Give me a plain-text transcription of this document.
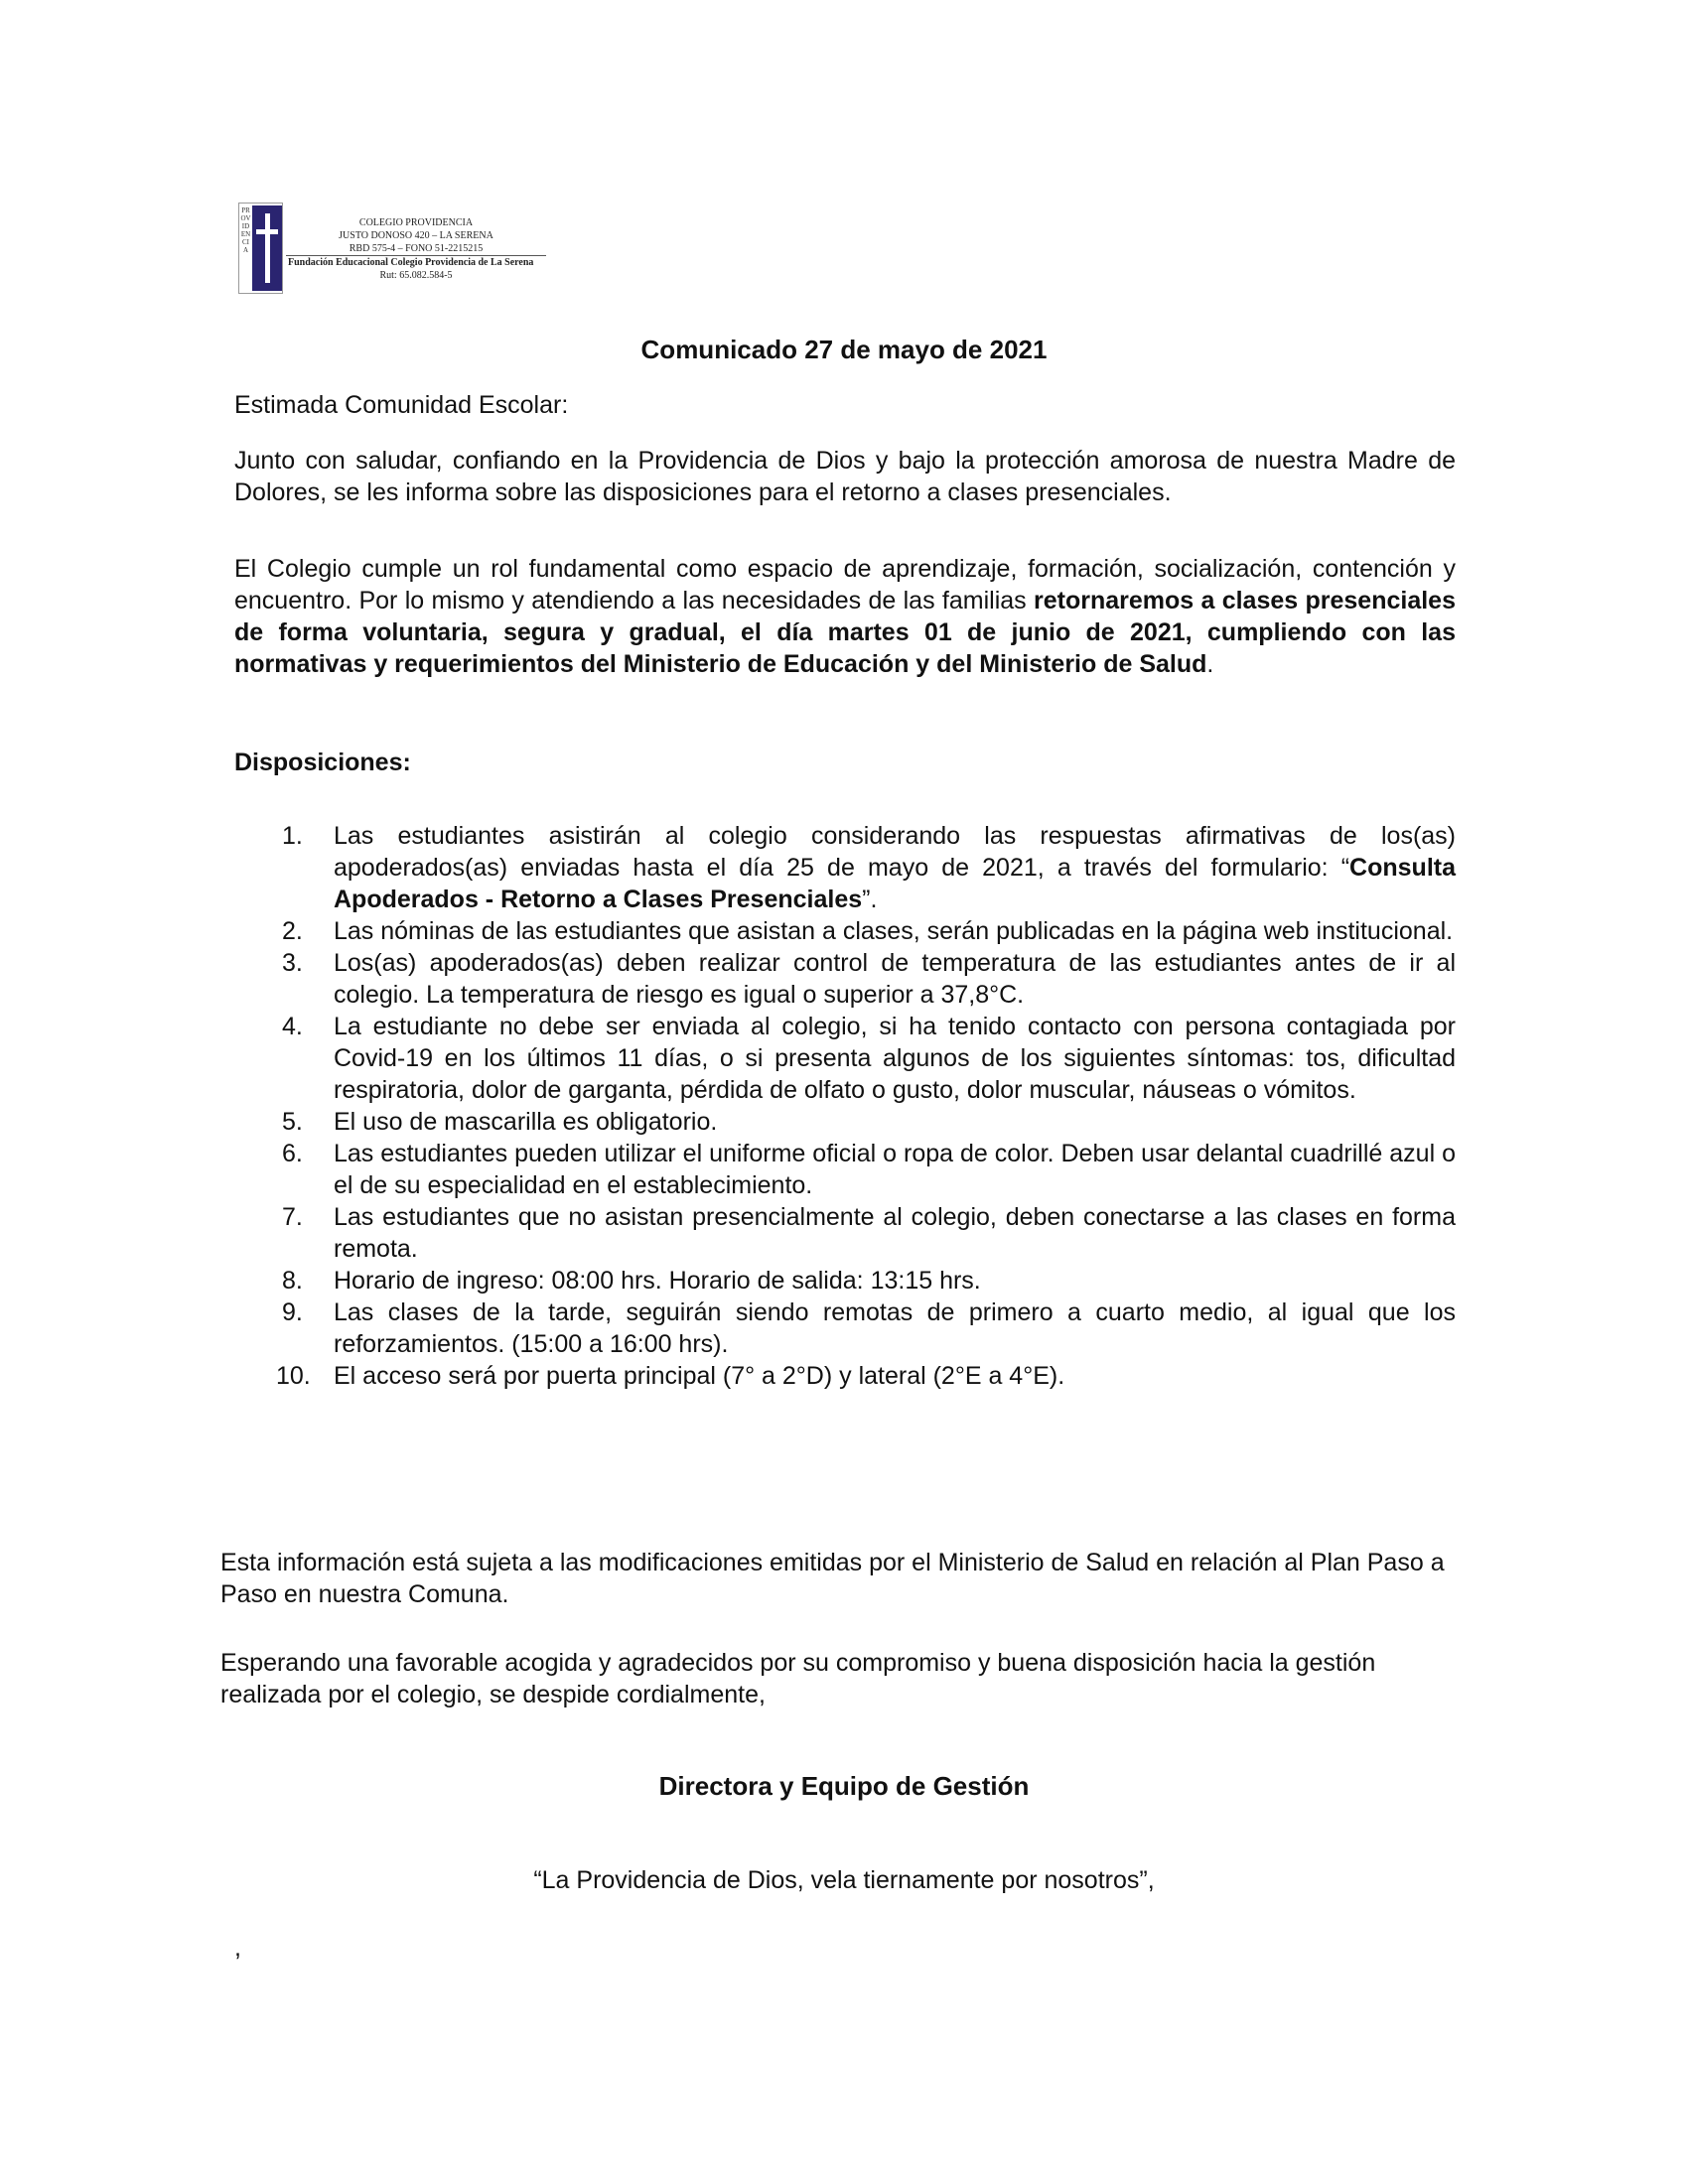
PROVIDENCIA
COLEGIO PROVIDENCIA
JUSTO DONOSO 420 – LA SERENA
RBD 575-4 – FONO 51-2215215
Fundación Educacional Colegio Providencia de La Serena
Rut: 65.082.584-5
Comunicado 27 de mayo de 2021
Estimada Comunidad Escolar:
Junto con saludar, confiando en la Providencia de Dios y bajo la protección amorosa de nuestra Madre de Dolores, se les informa sobre las disposiciones para el retorno a clases presenciales.
El Colegio cumple un rol fundamental como espacio de aprendizaje, formación, socialización, contención y encuentro. Por lo mismo y atendiendo a las necesidades de las familias retornaremos a clases presenciales de forma voluntaria, segura y gradual, el día martes 01 de junio de 2021, cumpliendo con las normativas y requerimientos del Ministerio de Educación y del Ministerio de Salud.
Disposiciones:
1.	Las estudiantes asistirán al colegio considerando las respuestas afirmativas de los(as) apoderados(as) enviadas hasta el día 25 de mayo de 2021, a través del formulario: “Consulta Apoderados - Retorno a Clases Presenciales”.
2.	Las nóminas de las estudiantes que asistan a clases, serán publicadas en la página web institucional.
3.	Los(as) apoderados(as) deben realizar control de temperatura de las estudiantes antes de ir al colegio. La temperatura de riesgo es igual o superior a 37,8°C.
4.	La estudiante no debe ser enviada al colegio, si ha tenido contacto con persona contagiada por Covid-19 en los últimos 11 días, o si presenta algunos de los siguientes síntomas: tos, dificultad respiratoria, dolor de garganta, pérdida de olfato o gusto, dolor muscular, náuseas o vómitos.
5.	El uso de mascarilla es obligatorio.
6.	Las estudiantes pueden utilizar el uniforme oficial o ropa de color. Deben usar delantal cuadrillé azul o el de su especialidad en el establecimiento.
7.	Las estudiantes que no asistan presencialmente al colegio, deben conectarse a las clases en forma remota.
8.	Horario de ingreso: 08:00 hrs. Horario de salida: 13:15 hrs.
9.	Las clases de la tarde, seguirán siendo remotas de primero a cuarto medio, al igual que los reforzamientos. (15:00 a 16:00 hrs).
10. El acceso será por puerta principal (7° a 2°D) y lateral (2°E a 4°E).
Esta información está sujeta a las modificaciones emitidas por el Ministerio de Salud en relación al Plan Paso a Paso en nuestra Comuna.
Esperando una favorable acogida y agradecidos por su compromiso y buena disposición hacia la gestión realizada por el colegio, se despide cordialmente,
Directora y Equipo de Gestión
“La Providencia de Dios, vela tiernamente por nosotros”,
,
